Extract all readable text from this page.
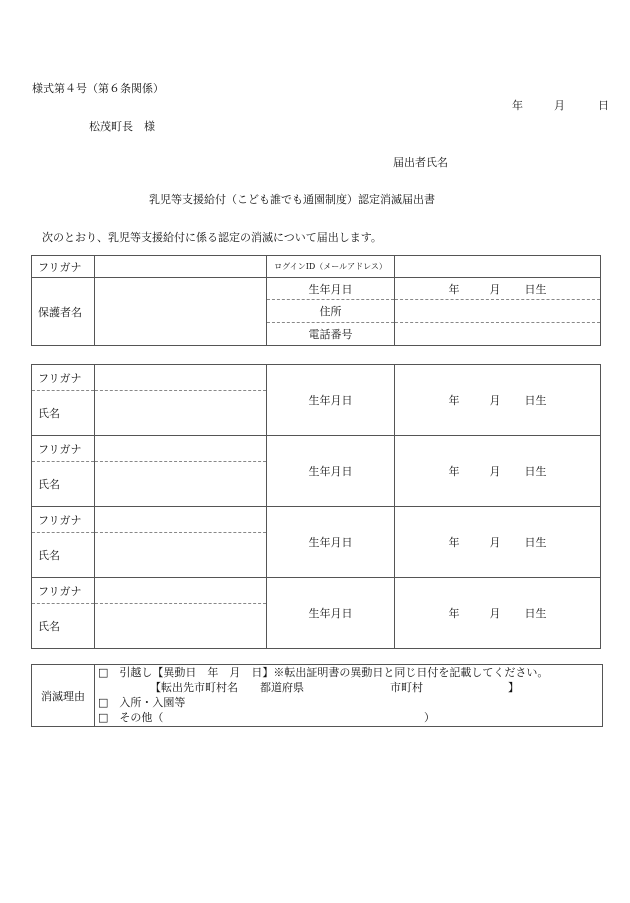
様式第４号（第６条関係）
年	月	日
松茂町長　様
届出者氏名
乳児等支援給付（こども誰でも通園制度）認定消滅届出書
次のとおり、乳児等支援給付に係る認定の消滅について届出します。
フリガナ		ログインID（メールアドレス）	
保護者名		生年月日	年 月 日生
		住所	
		電話番号	
フリガナ		生年月日	年 月 日生
氏名			
フリガナ		生年月日	年 月 日生
氏名			
フリガナ		生年月日	年 月 日生
氏名			
フリガナ		生年月日	年 月 日生
氏名			
消滅理由
□　引越し【異動日　年　月　日】※転出証明書の異動日と同じ日付を記載してください。
【転出先市町村名　　都道府県	市町村	】
□　入所・入園等
□　その他（	）
